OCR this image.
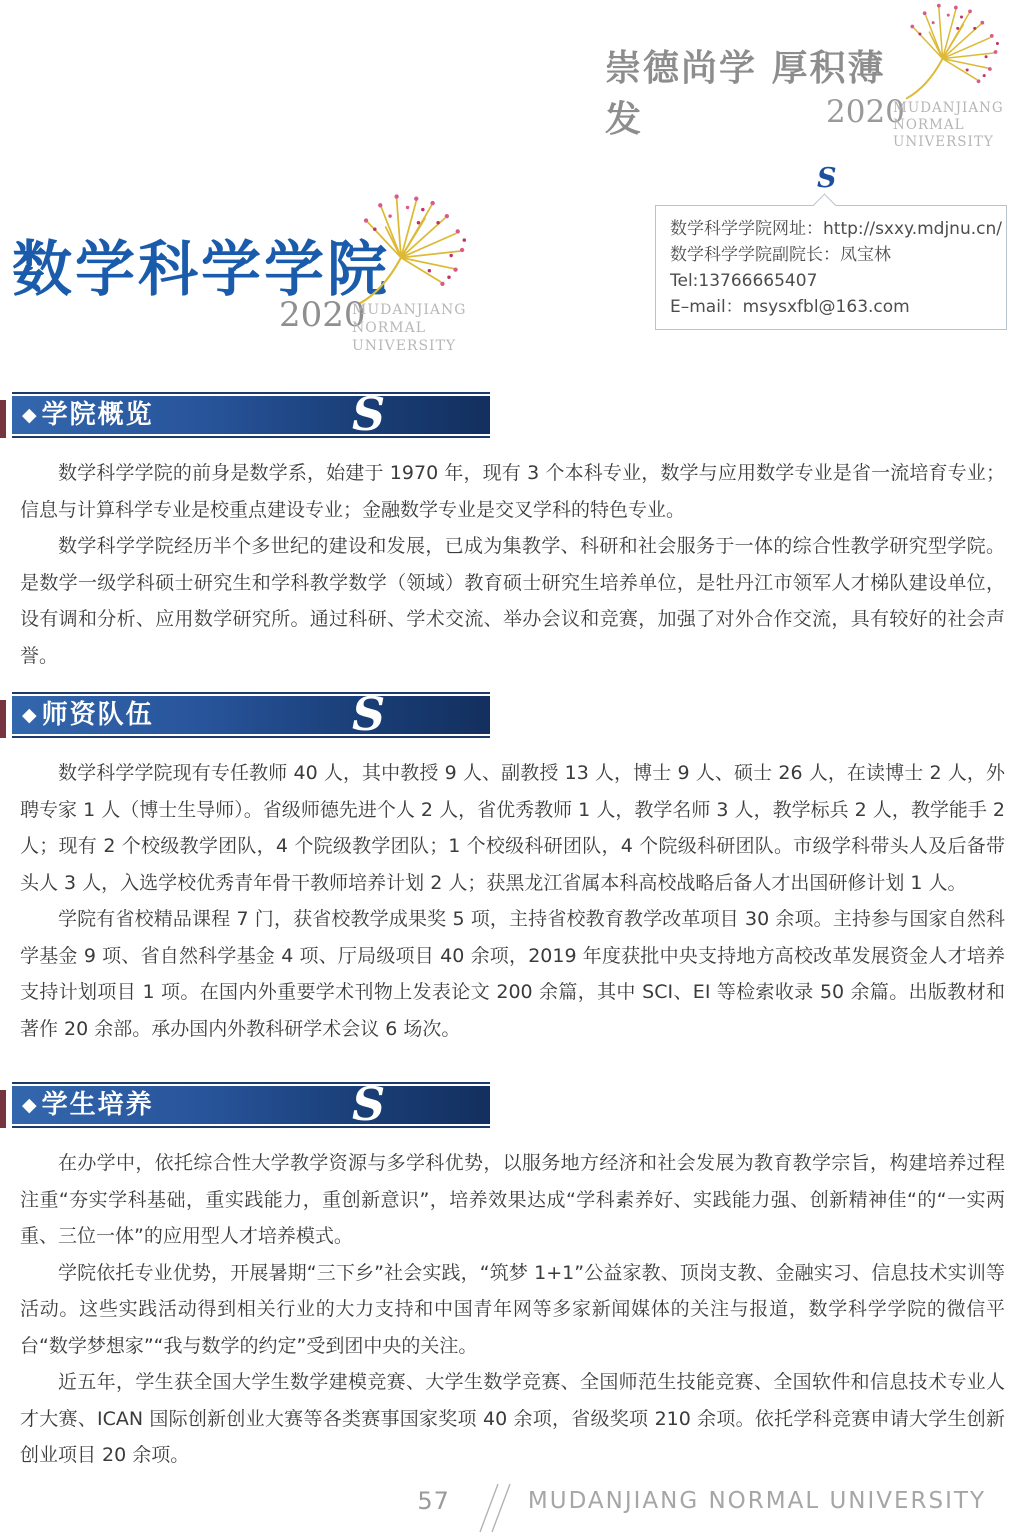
崇德尚学 厚积薄发	2020
MUDANJIANG
NORMAL
UNIVERSITY
数学科学学院
2020
MUDANJIANG
NORMAL
UNIVERSITY
S
数学科学学院网址：http://sxxy.mdjnu.cn/
数学科学学院副院长：凤宝林
Tel:13766665407
E–mail：msysxfbl@163.com
◆ 学院概览	S

数学科学学院的前身是数学系，始建于 1970 年，现有 3 个本科专业，数学与应用数学专业是省一流培育专业；信息与计算科学专业是校重点建设专业；金融数学专业是交叉学科的特色专业。

数学科学学院经历半个多世纪的建设和发展，已成为集教学、科研和社会服务于一体的综合性教学研究型学院。是数学一级学科硕士研究生和学科教学数学（领域）教育硕士研究生培养单位，是牡丹江市领军人才梯队建设单位，设有调和分析、应用数学研究所。通过科研、学术交流、举办会议和竞赛，加强了对外合作交流，具有较好的社会声誉。

◆ 师资队伍	S

数学科学学院现有专任教师 40 人，其中教授 9 人、副教授 13 人，博士 9 人、硕士 26 人，在读博士 2 人，外聘专家 1 人（博士生导师）。省级师德先进个人 2 人，省优秀教师 1 人，教学名师 3 人，教学标兵 2 人，教学能手 2 人；现有 2 个校级教学团队，4 个院级教学团队；1 个校级科研团队，4 个院级科研团队。市级学科带头人及后备带头人 3 人，入选学校优秀青年骨干教师培养计划 2 人；获黑龙江省属本科高校战略后备人才出国研修计划 1 人。

学院有省校精品课程 7 门，获省校教学成果奖 5 项，主持省校教育教学改革项目 30 余项。主持参与国家自然科学基金 9 项、省自然科学基金 4 项、厅局级项目 40 余项，2019 年度获批中央支持地方高校改革发展资金人才培养支持计划项目 1 项。在国内外重要学术刊物上发表论文 200 余篇，其中 SCI、EI 等检索收录 50 余篇。出版教材和著作 20 余部。承办国内外教科研学术会议 6 场次。

◆ 学生培养	S

在办学中，依托综合性大学教学资源与多学科优势，以服务地方经济和社会发展为教育教学宗旨，构建培养过程注重“夯实学科基础，重实践能力，重创新意识”，培养效果达成“学科素养好、实践能力强、创新精神佳“的“一实两重、三位一体”的应用型人才培养模式。

学院依托专业优势，开展暑期“三下乡”社会实践，“筑梦 1+1”公益家教、顶岗支教、金融实习、信息技术实训等活动。这些实践活动得到相关行业的大力支持和中国青年网等多家新闻媒体的关注与报道，数学科学学院的微信平台“数学梦想家”“我与数学的约定”受到团中央的关注。

近五年，学生获全国大学生数学建模竞赛、大学生数学竞赛、全国师范生技能竞赛、全国软件和信息技术专业人才大赛、ICAN 国际创新创业大赛等各类赛事国家奖项 40 余项，省级奖项 210 余项。依托学科竞赛申请大学生创新创业项目 20 余项。

57	MUDANJIANG NORMAL UNIVERSITY
